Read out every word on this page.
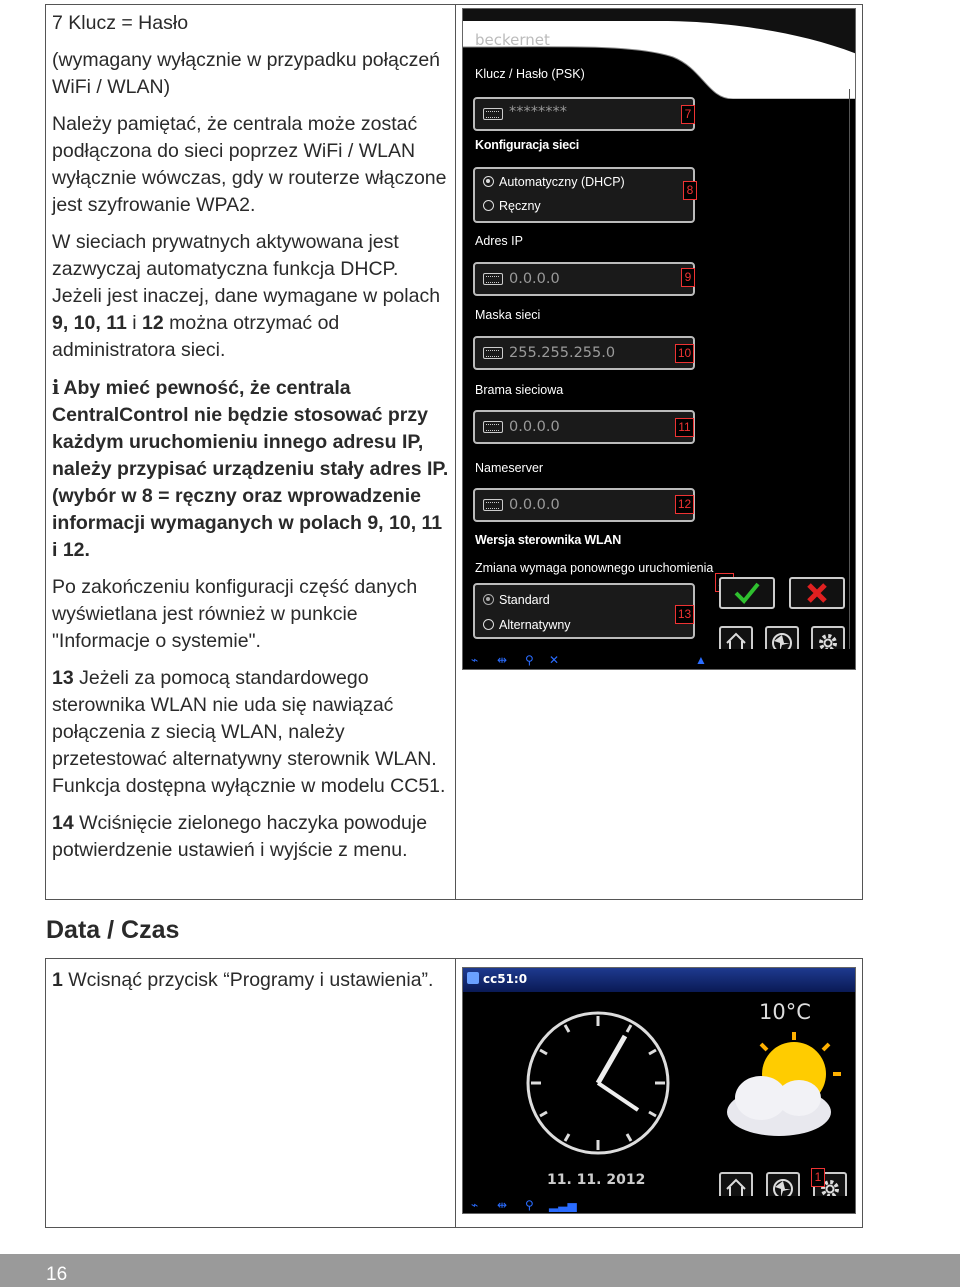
7 Klucz = Hasło

(wymagany wyłącznie w przypadku połączeń WiFi / WLAN)

Należy pamiętać, że centrala może zostać podłączona do sieci poprzez WiFi / WLAN wyłącznie wówczas, gdy w routerze włączone jest szyfrowanie WPA2.

W sieciach prywatnych aktywowana jest zazwyczaj automatyczna funkcja DHCP. Jeżeli jest inaczej, dane wymagane w polach 9, 10, 11 i 12 można otrzymać od administratora sieci.

i Aby mieć pewność, że centrala CentralControl nie będzie stosować przy każdym uruchomieniu innego adresu IP, należy przypisać urządzeniu stały adres IP. (wybór w 8 = ręczny oraz wprowadzenie informacji wymaganych w polach 9, 10, 11 i 12.

Po zakończeniu konfiguracji część danych wyświetlana jest również w punkcie "Informacje o systemie".

13 Jeżeli za pomocą standardowego sterownika WLAN nie uda się nawiązać połączenia z siecią WLAN, należy przetestować alternatywny sterownik WLAN. Funkcja dostępna wyłącznie w modelu CC51.

14 Wciśnięcie zielonego haczyka powoduje potwierdzenie ustawień i wyjście z menu.

beckernet
Klucz / Hasło (PSK)
********	7
Konfiguracja sieci
Automatyczny (DHCP)
Ręczny
8
Adres IP
0.0.0.0	9
Maska sieci
255.255.255.0	10
Brama sieciowa
0.0.0.0	11
Nameserver
0.0.0.0	12
Wersja sterownika WLAN
Zmiana wymaga ponownego uruchomienia
Standard
Alternatywny
13
⌁ ⇹ ⚲ ✕	▲
Data / Czas

1 Wcisnąć przycisk “Programy i ustawienia”.	cc51:0
10°C
11. 11. 2012	1
⌁ ⇹ ⚲ ▂▃▅
16
